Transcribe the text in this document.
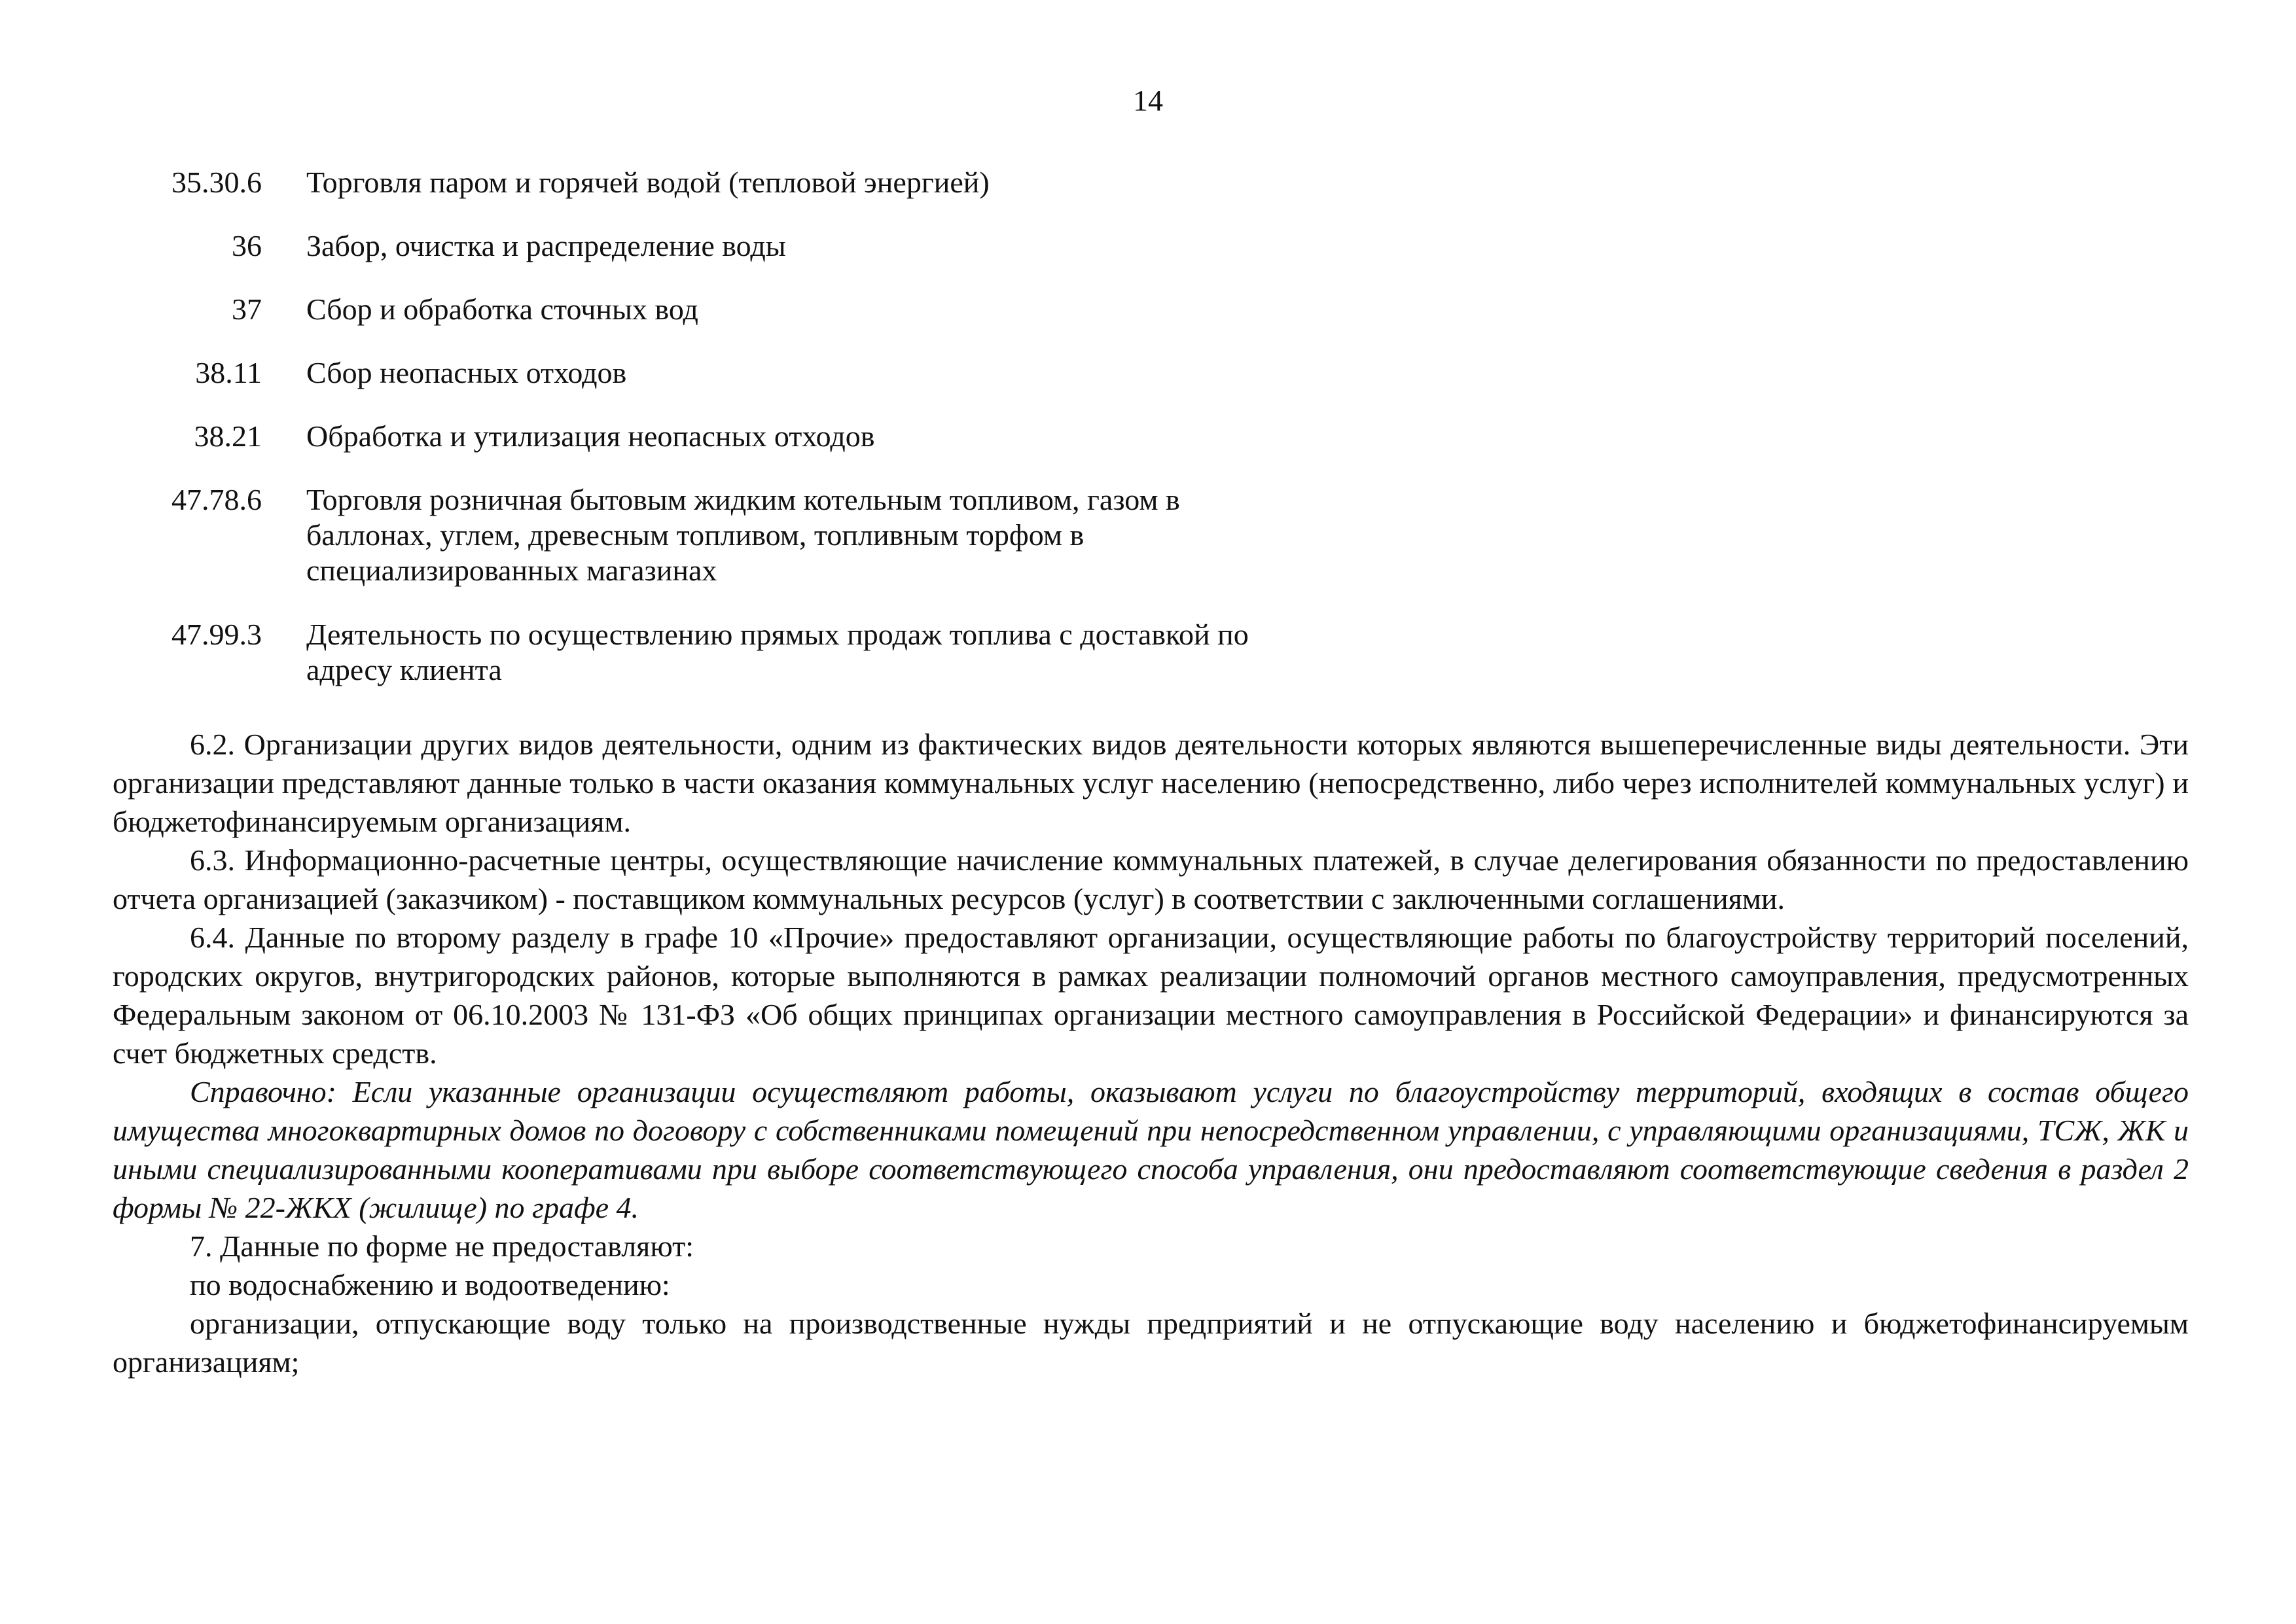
14
35.30.6 Торговля паром и горячей водой (тепловой энергией)
36 Забор, очистка и распределение воды
37 Сбор и обработка сточных вод
38.11 Сбор неопасных отходов
38.21 Обработка и утилизация неопасных отходов
47.78.6 Торговля розничная бытовым жидким котельным топливом, газом в
баллонах, углем, древесным топливом, топливным торфом в
специализированных магазинах
47.99.3 Деятельность по осуществлению прямых продаж топлива с доставкой по
адресу клиента

6.2. Организации других видов деятельности, одним из фактических видов деятельности которых являются вышеперечисленные виды деятельности. Эти организации представляют данные только в части оказания коммунальных услуг населению (непосредственно, либо через исполнителей коммунальных услуг) и бюджетофинансируемым организациям.

6.3. Информационно-расчетные центры, осуществляющие начисление коммунальных платежей, в случае делегирования обязанности по предоставлению отчета организацией (заказчиком) - поставщиком коммунальных ресурсов (услуг) в соответствии с заключенными соглашениями.

6.4. Данные по второму разделу в графе 10 «Прочие» предоставляют организации, осуществляющие работы по благоустройству территорий поселений, городских округов, внутригородских районов, которые выполняются в рамках реализации полномочий органов местного самоуправления, предусмотренных Федеральным законом от 06.10.2003 № 131-ФЗ «Об общих принципах организации местного самоуправления в Российской Федерации» и финансируются за счет бюджетных средств.

Справочно: Если указанные организации осуществляют работы, оказывают услуги по благоустройству территорий, входящих в состав общего имущества многоквартирных домов по договору с собственниками помещений при непосредственном управлении, с управляющими организациями, ТСЖ, ЖК и иными специализированными кооперативами при выборе соответствующего способа управления, они предоставляют соответствующие сведения в раздел 2 формы № 22-ЖКХ (жилище) по графе 4.

7. Данные по форме не предоставляют:

по водоснабжению и водоотведению:

организации, отпускающие воду только на производственные нужды предприятий и не отпускающие воду населению и бюджетофинансируемым организациям;
